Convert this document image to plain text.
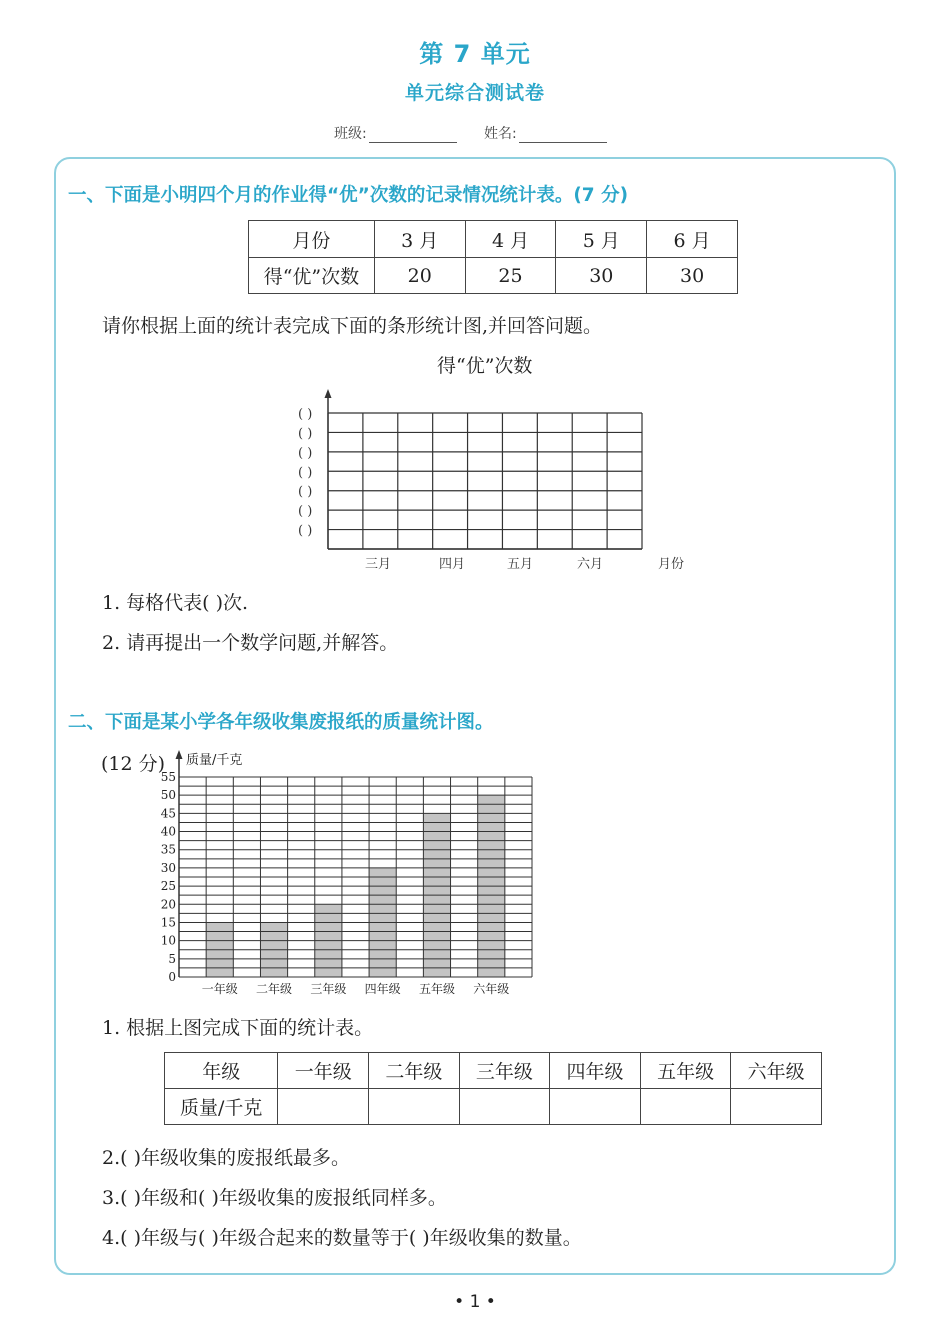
第 7 单元
单元综合测试卷
班级:	姓名:
一、下面是小明四个月的作业得“优”次数的记录情况统计表。(7 分)
月份	3 月	4 月	5 月	6 月
得“优”次数	20	25	30	30
请你根据上面的统计表完成下面的条形统计图,并回答问题。
得“优”次数
( )
( )
( )
( )
( )
( )
( )
三月	四月	五月	六月	月份
1. 每格代表( )次.
2. 请再提出一个数学问题,并解答。
二、下面是某小学各年级收集废报纸的质量统计图。
(12 分) 质量/千克
0
5
10
15
20
25
30
35
40
45
50
55
一年级 二年级 三年级 四年级 五年级 六年级
1. 根据上图完成下面的统计表。
年级	一年级	二年级	三年级	四年级	五年级	六年级
质量/千克						
2.( )年级收集的废报纸最多。
3.( )年级和( )年级收集的废报纸同样多。
4.( )年级与( )年级合起来的数量等于( )年级收集的数量。
• 1 •
